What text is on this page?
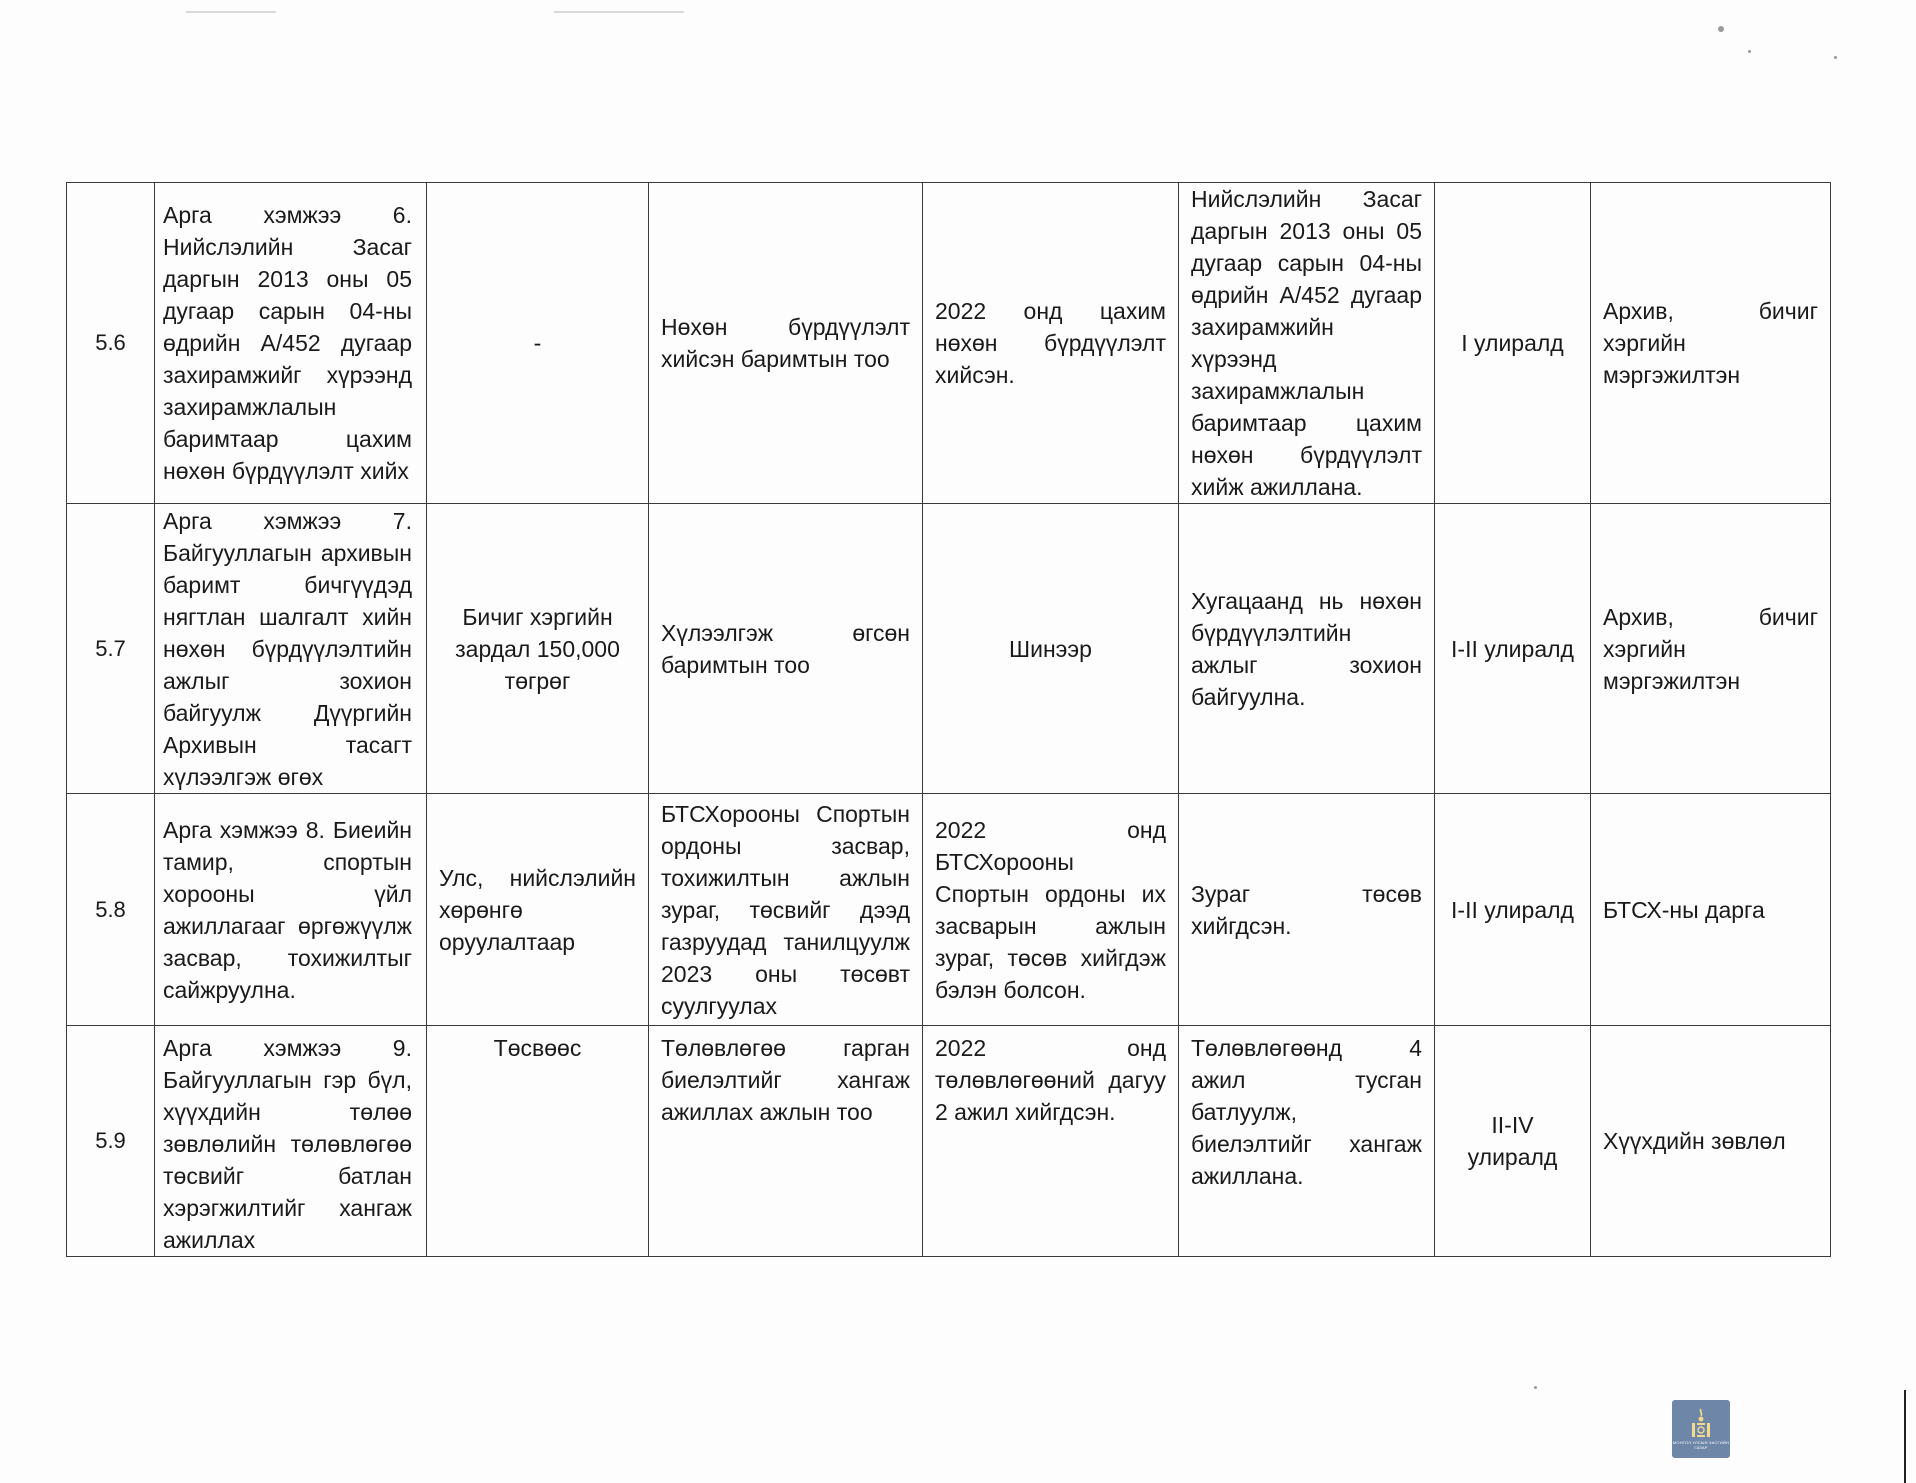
5.6	Арга хэмжээ 6. Нийслэлийн Засаг даргын 2013 оны 05 дугаар сарын 04-ны өдрийн А/452 дугаар захирамжийг хүрээнд захирамжлалын баримтаар цахим нөхөн бүрдүүлэлт хийх	-	Нөхөн бүрдүүлэлт хийсэн баримтын тоо	2022 онд цахим нөхөн бүрдүүлэлт хийсэн.	Нийслэлийн Засаг даргын 2013 оны 05 дугаар сарын 04-ны өдрийн А/452 дугаар захирамжийн хүрээнд захирамжлалын баримтаар цахим нөхөн бүрдүүлэлт хийж ажиллана.	I улиралд	Архив, бичиг хэргийн мэргэжилтэн
5.7	Арга хэмжээ 7. Байгууллагын архивын баримт бичгүүдэд нягтлан шалгалт хийн нөхөн бүрдүүлэлтийн ажлыг зохион байгуулж Дүүргийн Архивын тасагт хүлээлгэж өгөх	Бичиг хэргийн зардал 150,000 төгрөг	Хүлээлгэж өгсөн баримтын тоо	Шинээр	Хугацаанд нь нөхөн бүрдүүлэлтийн ажлыг зохион байгуулна.	I-II улиралд	Архив, бичиг хэргийн мэргэжилтэн
5.8	Арга хэмжээ 8. Биеийн тамир, спортын хорооны үйл ажиллагааг өргөжүүлж засвар, тохижилтыг сайжруулна.	Улс, нийслэлийн хөрөнгө оруулалтаар	БТСХорооны Спортын ордоны засвар, тохижилтын ажлын зураг, төсвийг дээд газруудад танилцуулж 2023 оны төсөвт суулгуулах	2022 онд БТСХорооны Спортын ордоны их засварын ажлын зураг, төсөв хийгдэж бэлэн болсон.	Зураг төсөв хийгдсэн.	I-II улиралд	БТСХ-ны дарга
5.9	Арга хэмжээ 9. Байгууллагын гэр бүл, хүүхдийн төлөө зөвлөлийн төлөвлөгөө төсвийг батлан хэрэгжилтийг хангаж ажиллах	Төсвөөс	Төлөвлөгөө гарган биелэлтийг хангаж ажиллах ажлын тоо	2022 онд төлөвлөгөөний дагуу 2 ажил хийгдсэн.	Төлөвлөгөөнд 4 ажил тусган батлуулж, биелэлтийг хангаж ажиллана.	II-IV улиралд	Хүүхдийн зөвлөл
МОНГОЛ УЛСЫН ЗАСГИЙН ГАЗАР
